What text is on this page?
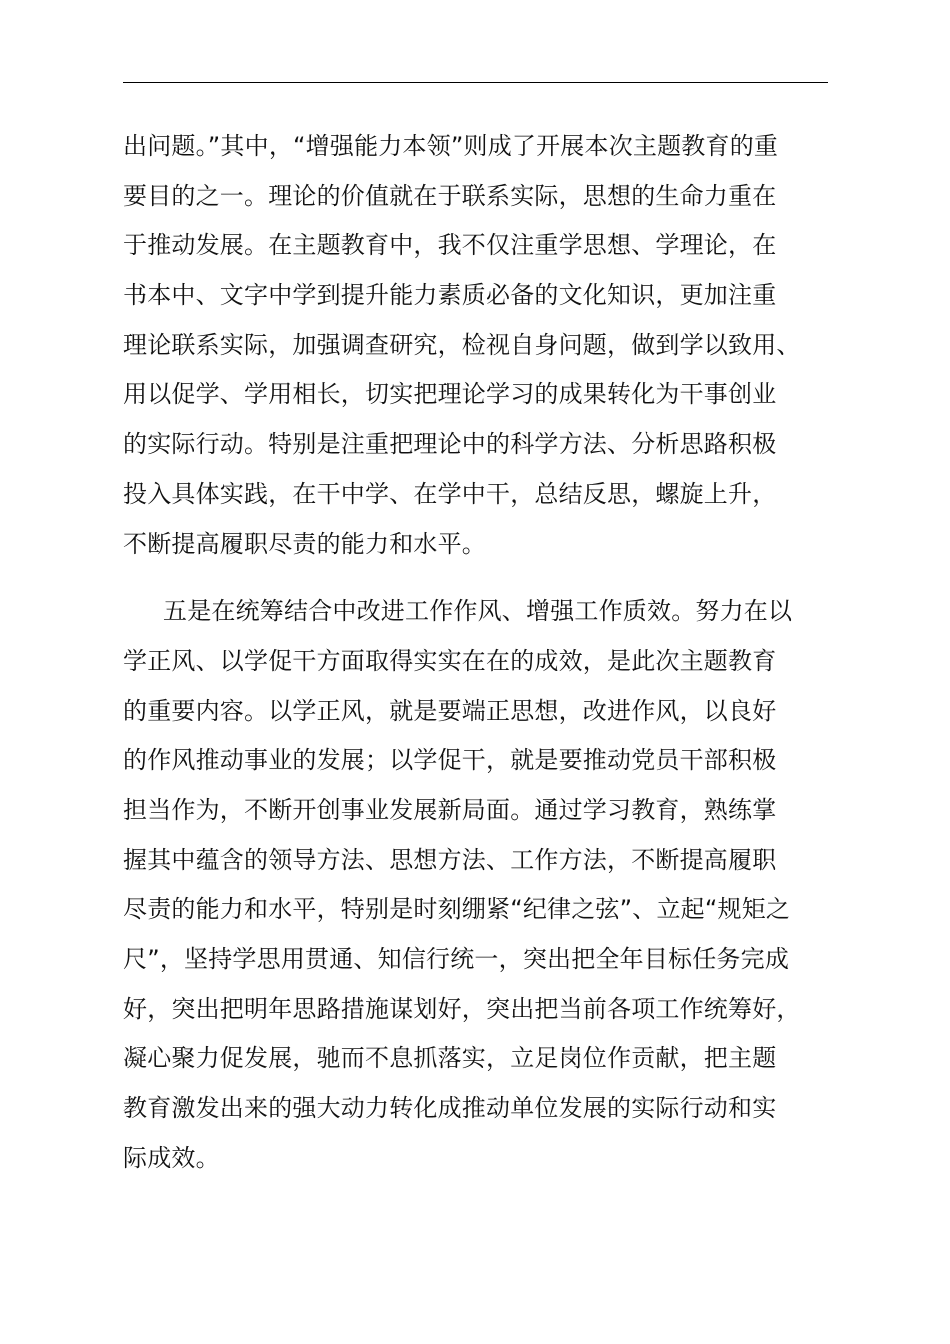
出问题。”其中，“增强能力本领”则成了开展本次主题教育的重
要目的之一。理论的价值就在于联系实际，思想的生命力重在
于推动发展。在主题教育中，我不仅注重学思想、学理论，在
书本中、文字中学到提升能力素质必备的文化知识，更加注重
理论联系实际，加强调查研究，检视自身问题，做到学以致用、
用以促学、学用相长，切实把理论学习的成果转化为干事创业
的实际行动。特别是注重把理论中的科学方法、分析思路积极
投入具体实践，在干中学、在学中干，总结反思，螺旋上升，
不断提高履职尽责的能力和水平。
五是在统筹结合中改进工作作风、增强工作质效。努力在以
学正风、以学促干方面取得实实在在的成效，是此次主题教育
的重要内容。以学正风，就是要端正思想，改进作风，以良好
的作风推动事业的发展；以学促干，就是要推动党员干部积极
担当作为，不断开创事业发展新局面。通过学习教育，熟练掌
握其中蕴含的领导方法、思想方法、工作方法，不断提高履职
尽责的能力和水平，特别是时刻绷紧“纪律之弦”、立起“规矩之
尺”，坚持学思用贯通、知信行统一，突出把全年目标任务完成
好，突出把明年思路措施谋划好，突出把当前各项工作统筹好，
凝心聚力促发展，驰而不息抓落实，立足岗位作贡献，把主题
教育激发出来的强大动力转化成推动单位发展的实际行动和实
际成效。
